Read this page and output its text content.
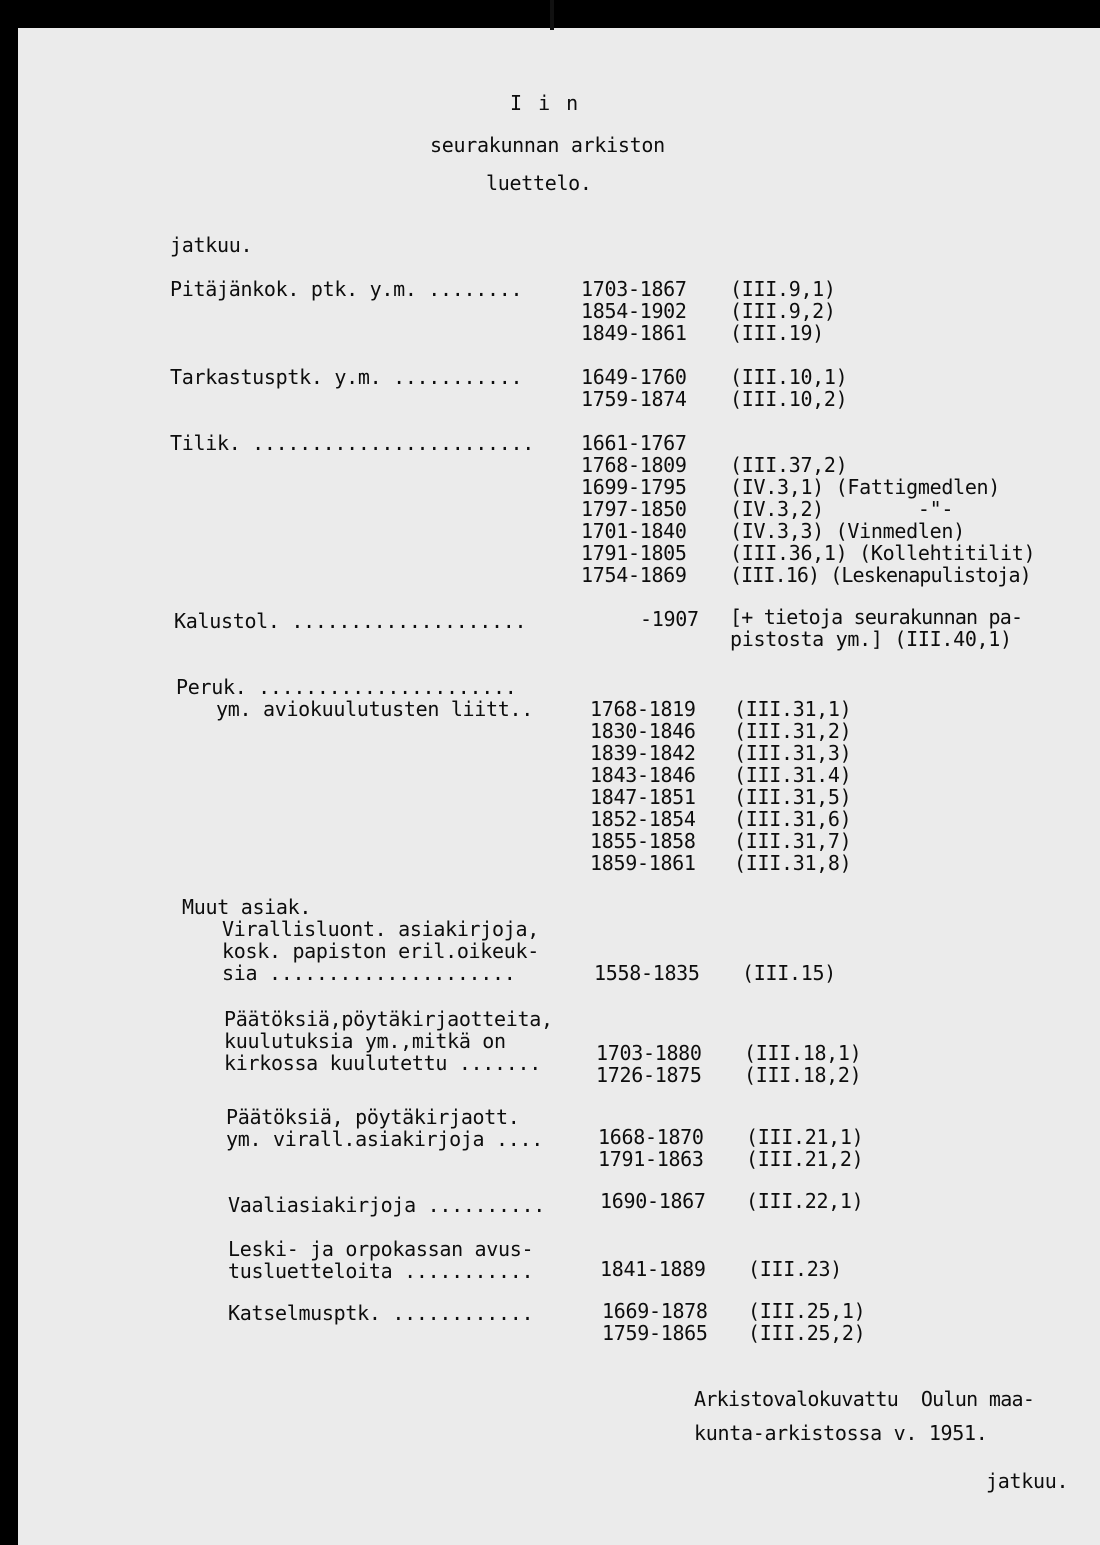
I i n
seurakunnan arkiston
luettelo.
jatkuu.
Pitäjänkok. ptk. y.m. ........	1703-1867 (III.9,1)
1854-1902 (III.9,2)
1849-1861 (III.19)
Tarkastusptk. y.m. ...........	1649-1760 (III.10,1)
1759-1874 (III.10,2)
Tilik. ........................ 1661-1767
1768-1809 (III.37,2)
1699-1795 (IV.3,1) (Fattigmedlen)
1797-1850 (IV.3,2)        -"-
1701-1840 (IV.3,3) (Vinmedlen)
1791-1805 (III.36,1) (Kollehtitilit)
1754-1869 (III.16) (Leskenapulistoja)
Kalustol. ....................	-1907 [+ tietoja seurakunnan pa-
pistosta ym.] (III.40,1)
Peruk. ......................
ym. aviokuulutusten liitt..	1768-1819 (III.31,1)
1830-1846 (III.31,2)
1839-1842 (III.31,3)
1843-1846 (III.31.4)
1847-1851 (III.31,5)
1852-1854 (III.31,6)
1855-1858 (III.31,7)
1859-1861 (III.31,8)
Muut asiak.
Virallisluont. asiakirjoja,
kosk. papiston eril.oikeuk-
sia .....................	1558-1835 (III.15)
Päätöksiä,pöytäkirjaotteita,
kuulutuksia ym.,mitkä on
kirkossa kuulutettu .......	1703-1880 (III.18,1)
1726-1875 (III.18,2)
Päätöksiä, pöytäkirjaott.
ym. virall.asiakirjoja ....	1668-1870 (III.21,1)
1791-1863 (III.21,2)
Vaaliasiakirjoja ..........	1690-1867 (III.22,1)
Leski- ja orpokassan avus-
tusluetteloita ...........	1841-1889 (III.23)
Katselmusptk. ............	1669-1878 (III.25,1)
1759-1865 (III.25,2)
Arkistovalokuvattu  Oulun maa-
kunta-arkistossa v. 1951.
jatkuu.
